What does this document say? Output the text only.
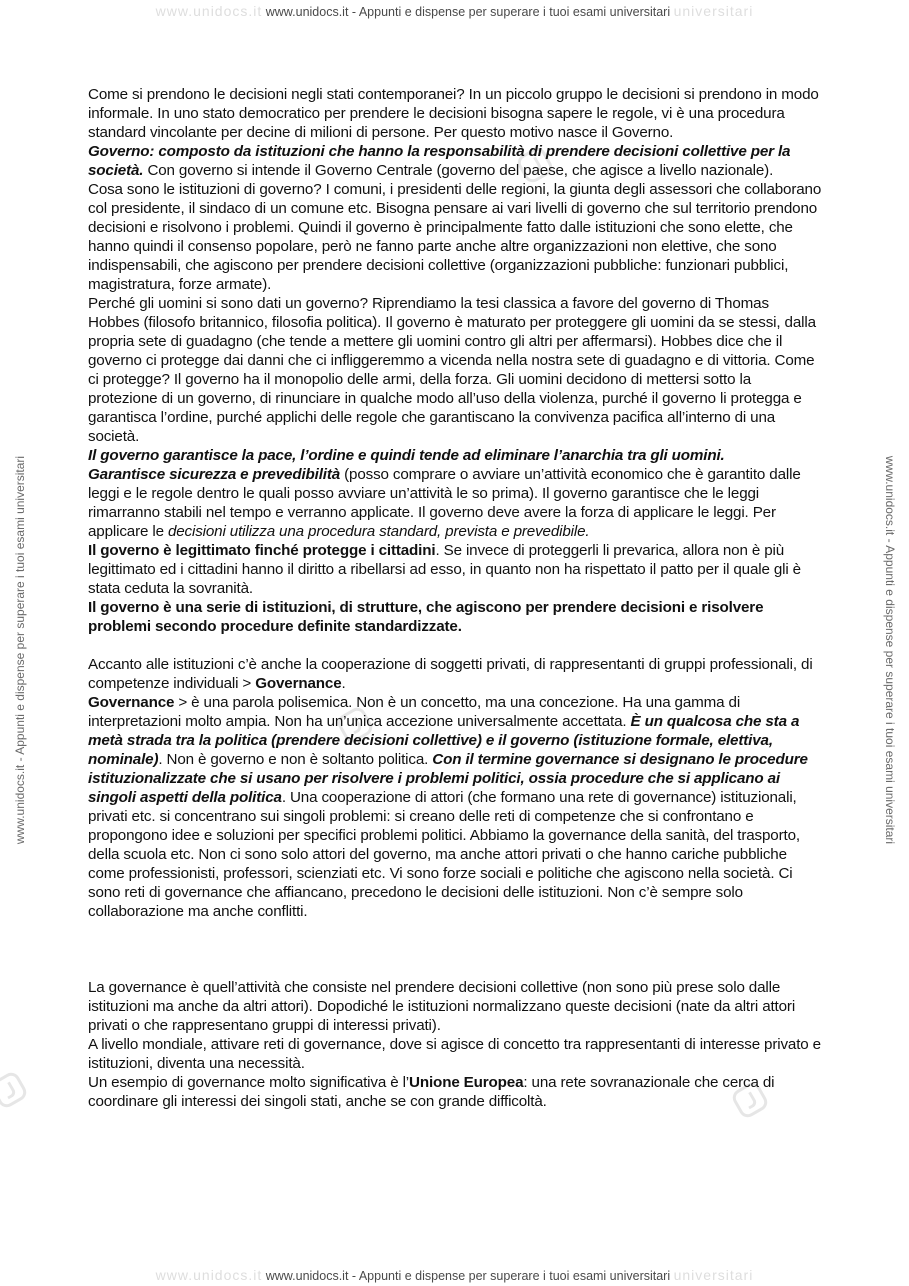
www.unidocs.it www.unidocs.it - Appunti e dispense per superare i tuoi esami universitari universitari
www.unidocs.it - Appunti e dispense per superare i tuoi esami universitari	www.unidocs.it - Appunti e dispense per superare i tuoi esami universitari

Come si prendono le decisioni negli stati contemporanei? In un piccolo gruppo le decisioni si prendono in modo informale. In uno stato democratico per prendere le decisioni bisogna sapere le regole, vi è una procedura standard vincolante per decine di milioni di persone. Per questo motivo nasce il Governo.

Governo: composto da istituzioni che hanno la responsabilità di prendere decisioni collettive per la società. Con governo si intende il Governo Centrale (governo del paese, che agisce a livello nazionale).

Cosa sono le istituzioni di governo? I comuni, i presidenti delle regioni, la giunta degli assessori che collaborano col presidente, il sindaco di un comune etc. Bisogna pensare ai vari livelli di governo che sul territorio prendono decisioni e risolvono i problemi. Quindi il governo è principalmente fatto dalle istituzioni che sono elette, che hanno quindi il consenso popolare, però ne fanno parte anche altre organizzazioni non elettive, che sono indispensabili, che agiscono per prendere decisioni collettive (organizzazioni pubbliche: funzionari pubblici, magistratura, forze armate).

Perché gli uomini si sono dati un governo? Riprendiamo la tesi classica a favore del governo di Thomas Hobbes (filosofo britannico, filosofia politica). Il governo è maturato per proteggere gli uomini da se stessi, dalla propria sete di guadagno (che tende a mettere gli uomini contro gli altri per affermarsi). Hobbes dice che il governo ci protegge dai danni che ci infliggeremmo a vicenda nella nostra sete di guadagno e di vittoria. Come ci protegge? Il governo ha il monopolio delle armi, della forza. Gli uomini decidono di mettersi sotto la protezione di un governo, di rinunciare in qualche modo all’uso della violenza, purché il governo li protegga e garantisca l’ordine, purché applichi delle regole che garantiscano la convivenza pacifica all’interno di una società.

Il governo garantisce la pace, l’ordine e quindi tende ad eliminare l’anarchia tra gli uomini.

Garantisce sicurezza e prevedibilità (posso comprare o avviare un’attività economico che è garantito dalle leggi e le regole dentro le quali posso avviare un’attività le so prima). Il governo garantisce che le leggi rimarranno stabili nel tempo e verranno applicate. Il governo deve avere la forza di applicare le leggi. Per applicare le decisioni utilizza una procedura standard, prevista e prevedibile.

Il governo è legittimato finché protegge i cittadini. Se invece di proteggerli li prevarica, allora non è più legittimato ed i cittadini hanno il diritto a ribellarsi ad esso, in quanto non ha rispettato il patto per il quale gli è stata ceduta la sovranità.

Il governo è una serie di istituzioni, di strutture, che agiscono per prendere decisioni e risolvere problemi secondo procedure definite standardizzate.

Accanto alle istituzioni c’è anche la cooperazione di soggetti privati, di rappresentanti di gruppi professionali, di competenze individuali > Governance.

Governance > è una parola polisemica. Non è un concetto, ma una concezione. Ha una gamma di interpretazioni molto ampia. Non ha un’unica accezione universalmente accettata. È un qualcosa che sta a metà strada tra la politica (prendere decisioni collettive) e il governo (istituzione formale, elettiva, nominale). Non è governo e non è soltanto politica. Con il termine governance si designano le procedure istituzionalizzate che si usano per risolvere i problemi politici, ossia procedure che si applicano ai singoli aspetti della politica. Una cooperazione di attori (che formano una rete di governance) istituzionali, privati etc. si concentrano sui singoli problemi: si creano delle reti di competenze che si confrontano e propongono idee e soluzioni per specifici problemi politici. Abbiamo la governance della sanità, del trasporto, della scuola etc. Non ci sono solo attori del governo, ma anche attori privati o che hanno cariche pubbliche come professionisti, professori, scienziati etc. Vi sono forze sociali e politiche che agiscono nella società. Ci sono reti di governance che affiancano, precedono le decisioni delle istituzioni. Non c’è sempre solo collaborazione ma anche conflitti.

La governance è quell’attività che consiste nel prendere decisioni collettive (non sono più prese solo dalle istituzioni ma anche da altri attori). Dopodiché le istituzioni normalizzano queste decisioni (nate da altri attori privati o che rappresentano gruppi di interessi privati).

A livello mondiale, attivare reti di governance, dove si agisce di concetto tra rappresentanti di interesse privato e istituzioni, diventa una necessità.

Un esempio di governance molto significativa è l’Unione Europea: una rete sovranazionale che cerca di coordinare gli interessi dei singoli stati, anche se con grande difficoltà.

www.unidocs.it www.unidocs.it - Appunti e dispense per superare i tuoi esami universitari universitari
